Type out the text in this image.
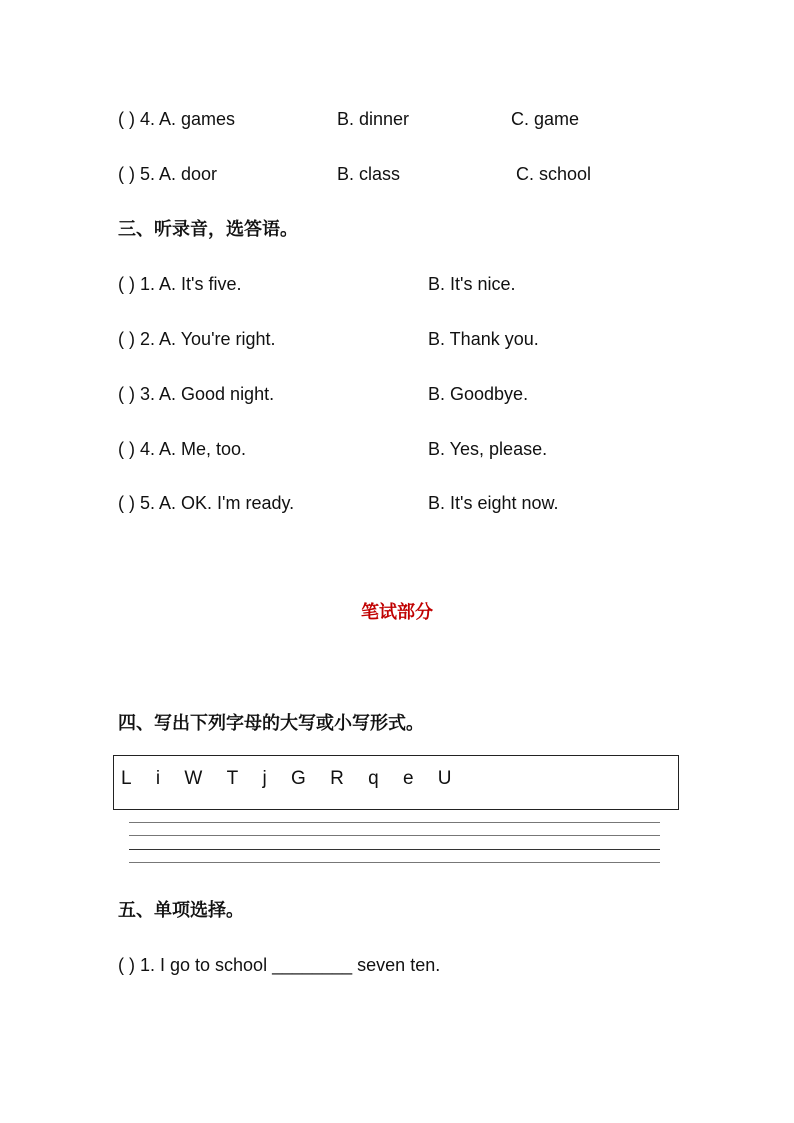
( ) 4. A. games	B. dinner	C. game
( ) 5. A. door	B. class	C. school
三、听录音，选答语。
( ) 1. A. It's five.	B. It's nice.
( ) 2. A. You're right.	B. Thank you.
( ) 3. A. Good night.	B. Goodbye.
( ) 4. A. Me, too.	B. Yes, please.
( ) 5. A. OK. I'm ready.	B. It's eight now.
笔试部分
四、写出下列字母的大写或小写形式。
L i W T j G R q e U
五、单项选择。
( ) 1. I go to school ________ seven ten.
